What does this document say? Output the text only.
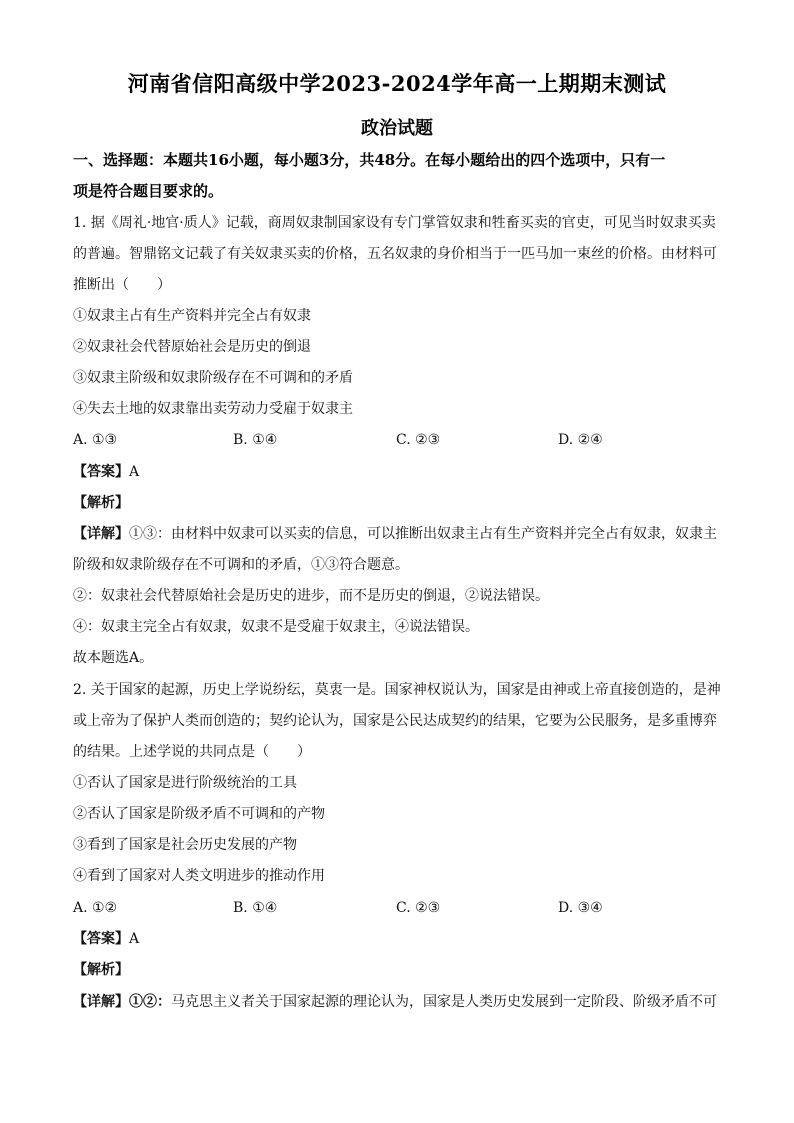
河南省信阳高级中学2023-2024学年高一上期期末测试
政治试题
一、选择题：本题共16小题，每小题3分，共48分。在每小题给出的四个选项中，只有一
项是符合题目要求的。
1. 据《周礼·地官·质人》记载，商周奴隶制国家设有专门掌管奴隶和牲畜买卖的官吏，可见当时奴隶买卖
的普遍。智鼎铭文记载了有关奴隶买卖的价格，五名奴隶的身价相当于一匹马加一束丝的价格。由材料可
推断出（　　）
①奴隶主占有生产资料并完全占有奴隶
②奴隶社会代替原始社会是历史的倒退
③奴隶主阶级和奴隶阶级存在不可调和的矛盾
④失去土地的奴隶靠出卖劳动力受雇于奴隶主
A. ①③	B. ①④	C. ②③	D. ②④
【答案】A
【解析】
【详解】①③：由材料中奴隶可以买卖的信息，可以推断出奴隶主占有生产资料并完全占有奴隶，奴隶主
阶级和奴隶阶级存在不可调和的矛盾，①③符合题意。
②：奴隶社会代替原始社会是历史的进步，而不是历史的倒退，②说法错误。
④：奴隶主完全占有奴隶，奴隶不是受雇于奴隶主，④说法错误。
故本题选A。
2. 关于国家的起源，历史上学说纷纭，莫衷一是。国家神权说认为，国家是由神或上帝直接创造的，是神
或上帝为了保护人类而创造的；契约论认为，国家是公民达成契约的结果，它要为公民服务，是多重博弈
的结果。上述学说的共同点是（　　）
①否认了国家是进行阶级统治的工具
②否认了国家是阶级矛盾不可调和的产物
③看到了国家是社会历史发展的产物
④看到了国家对人类文明进步的推动作用
A. ①②	B. ①④	C. ②③	D. ③④
【答案】A
【解析】
【详解】①②：马克思主义者关于国家起源的理论认为，国家是人类历史发展到一定阶段、阶级矛盾不可
